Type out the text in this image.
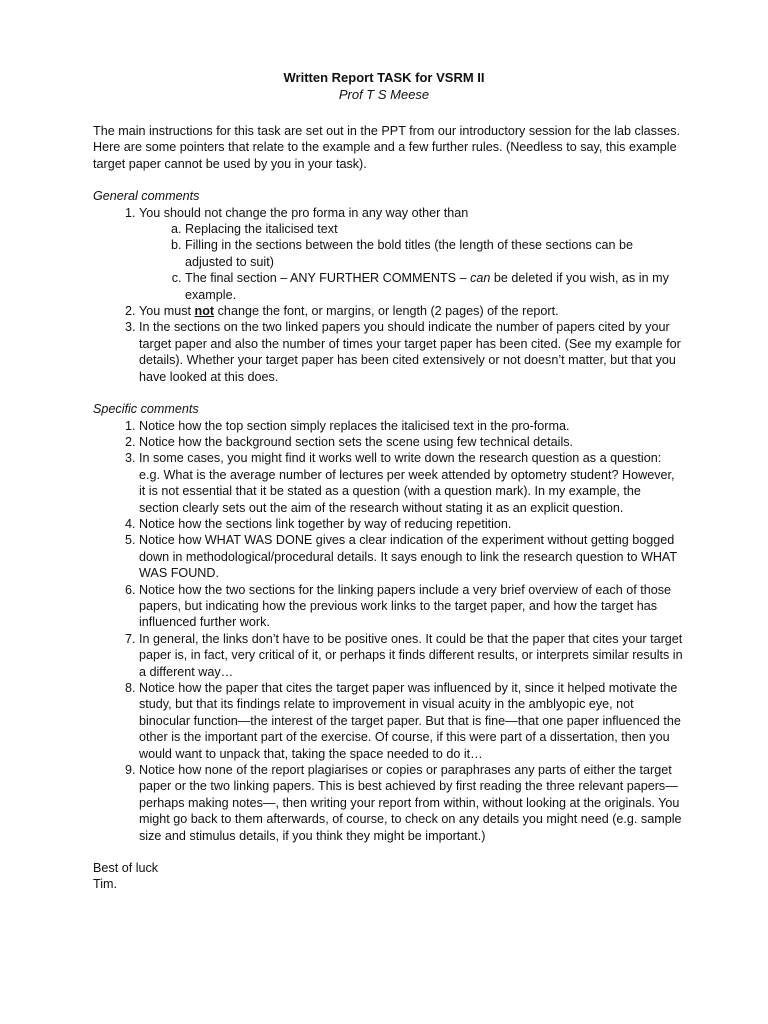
Written Report TASK for VSRM II
Prof T S Meese

The main instructions for this task are set out in the PPT from our introductory session for the lab classes. Here are some pointers that relate to the example and a few further rules. (Needless to say, this example target paper cannot be used by you in your task).

General comments

1. You should not change the pro forma in any way other than
a. Replacing the italicised text
b. Filling in the sections between the bold titles (the length of these sections can be adjusted to suit)
c. The final section – ANY FURTHER COMMENTS – can be deleted if you wish, as in my example.
2. You must not change the font, or margins, or length (2 pages) of the report.
3. In the sections on the two linked papers you should indicate the number of papers cited by your target paper and also the number of times your target paper has been cited. (See my example for details). Whether your target paper has been cited extensively or not doesn’t matter, but that you have looked at this does.

Specific comments

1. Notice how the top section simply replaces the italicised text in the pro-forma.
2. Notice how the background section sets the scene using few technical details.
3. In some cases, you might find it works well to write down the research question as a question: e.g. What is the average number of lectures per week attended by optometry student? However, it is not essential that it be stated as a question (with a question mark). In my example, the section clearly sets out the aim of the research without stating it as an explicit question.
4. Notice how the sections link together by way of reducing repetition.
5. Notice how WHAT WAS DONE gives a clear indication of the experiment without getting bogged down in methodological/procedural details. It says enough to link the research question to WHAT WAS FOUND.
6. Notice how the two sections for the linking papers include a very brief overview of each of those papers, but indicating how the previous work links to the target paper, and how the target has influenced further work.
7. In general, the links don’t have to be positive ones. It could be that the paper that cites your target paper is, in fact, very critical of it, or perhaps it finds different results, or interprets similar results in a different way…
8. Notice how the paper that cites the target paper was influenced by it, since it helped motivate the study, but that its findings relate to improvement in visual acuity in the amblyopic eye, not binocular function—the interest of the target paper. But that is fine—that one paper influenced the other is the important part of the exercise. Of course, if this were part of a dissertation, then you would want to unpack that, taking the space needed to do it…
9. Notice how none of the report plagiarises or copies or paraphrases any parts of either the target paper or the two linking papers. This is best achieved by first reading the three relevant papers—perhaps making notes—, then writing your report from within, without looking at the originals. You might go back to them afterwards, of course, to check on any details you might need (e.g. sample size and stimulus details, if you think they might be important.)

Best of luck

Tim.
